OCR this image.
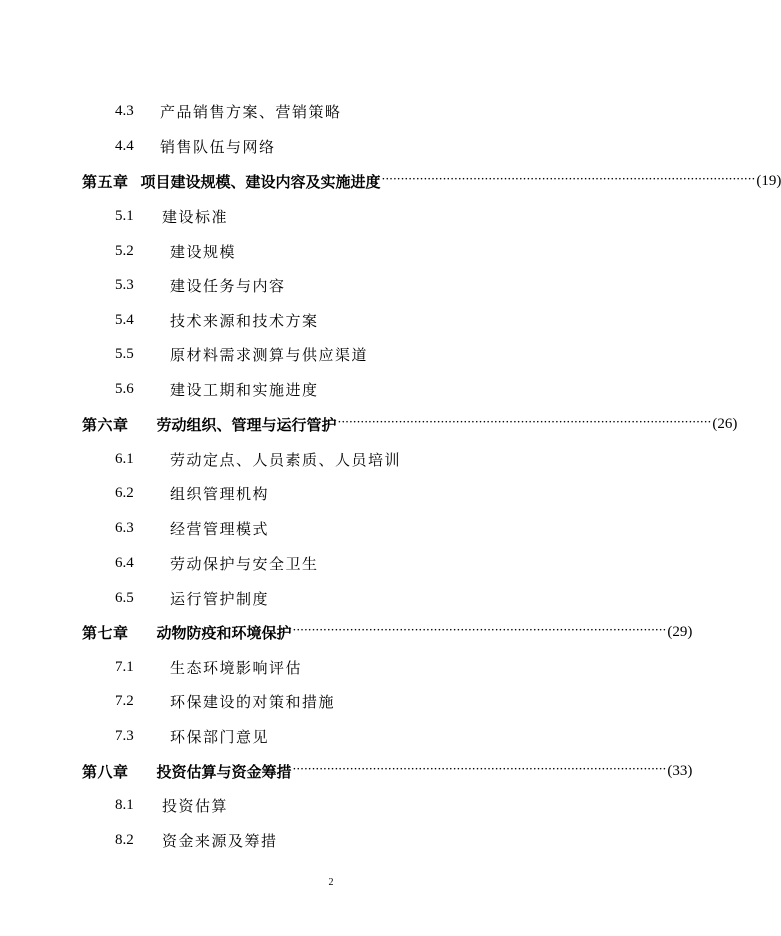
4.3	产品销售方案、营销策略
4.4	销售队伍与网络
第五章 项目建设规模、建设内容及实施进度 ·································································································· (19)
5.1	建设标准
5.2	建设规模
5.3	建设任务与内容
5.4	技术来源和技术方案
5.5	原材料需求测算与供应渠道
5.6	建设工期和实施进度
第六章 劳动组织、管理与运行管护 ·································································································· (26)
6.1	劳动定点、人员素质、人员培训
6.2	组织管理机构
6.3	经营管理模式
6.4	劳动保护与安全卫生
6.5	运行管护制度
第七章 动物防疫和环境保护 ·································································································· (29)
7.1	生态环境影响评估
7.2	环保建设的对策和措施
7.3	环保部门意见
第八章 投资估算与资金筹措 ·································································································· (33)
8.1	投资估算
8.2	资金来源及筹措
2
